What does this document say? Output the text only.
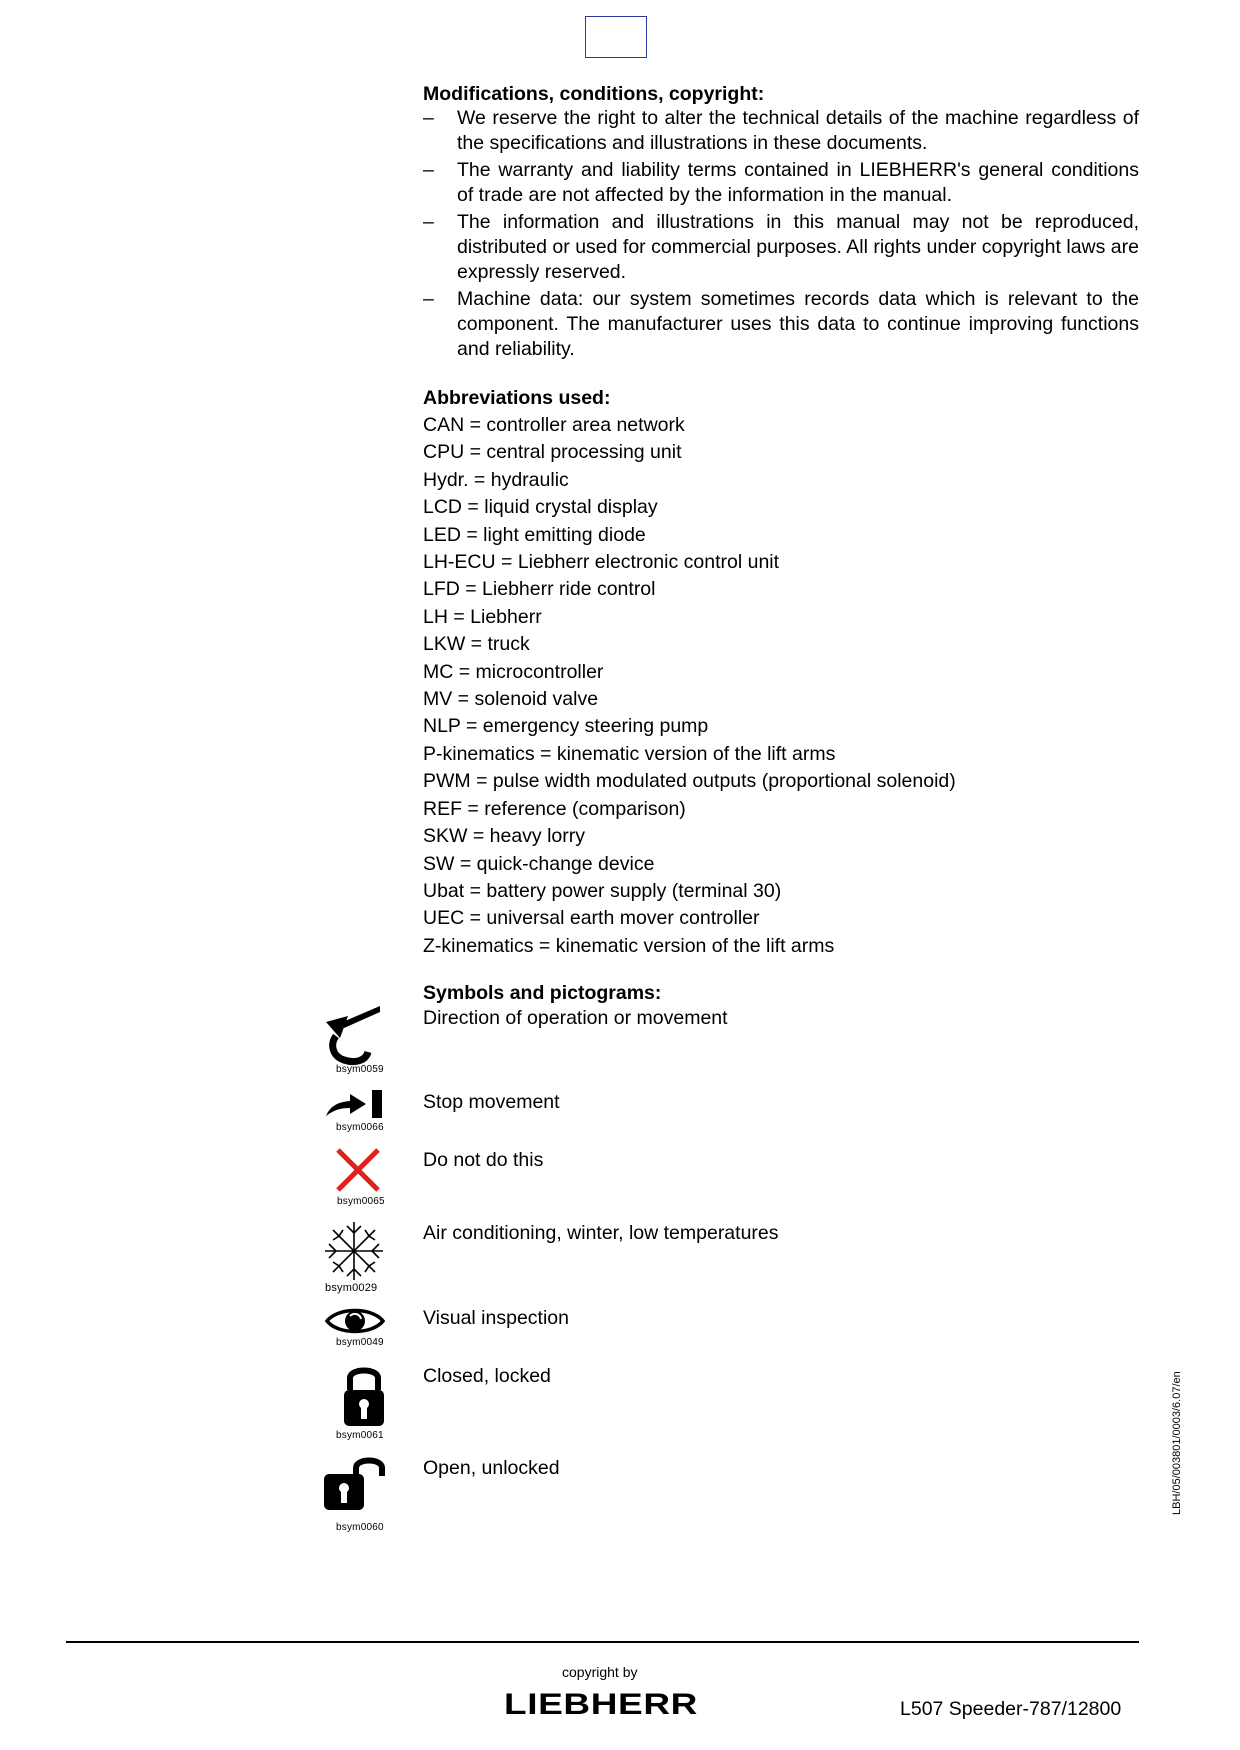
Modifications, conditions, copyright:

– We reserve the right to alter the technical details of the machine regardless of the specifications and illustrations in these documents.
– The warranty and liability terms contained in LIEBHERR's general conditions of trade are not affected by the information in the manual.
– The information and illustrations in this manual may not be reproduced, distributed or used for commercial purposes. All rights under copyright laws are expressly reserved.
– Machine data: our system sometimes records data which is relevant to the component. The manufacturer uses this data to continue improving functions and reliability.

Abbreviations used:

CAN = controller area network
CPU = central processing unit
Hydr. = hydraulic
LCD = liquid crystal display
LED = light emitting diode
LH-ECU = Liebherr electronic control unit
LFD = Liebherr ride control
LH = Liebherr
LKW = truck
MC = microcontroller
MV = solenoid valve
NLP = emergency steering pump
P-kinematics = kinematic version of the lift arms
PWM = pulse width modulated outputs (proportional solenoid)
REF = reference (comparison)
SKW = heavy lorry
SW = quick-change device
Ubat = battery power supply (terminal 30)
UEC = universal earth mover controller
Z-kinematics = kinematic version of the lift arms
Symbols and pictograms:
Direction of operation or movement
bsym0059
Stop movement
bsym0066
Do not do this
bsym0065
Air conditioning, winter, low temperatures
bsym0029
Visual inspection
bsym0049
Closed, locked
bsym0061
Open, unlocked
bsym0060
LBH/05/003801/0003/6.07/en
copyright by
LIEBHERR	L507 Speeder-787/12800
